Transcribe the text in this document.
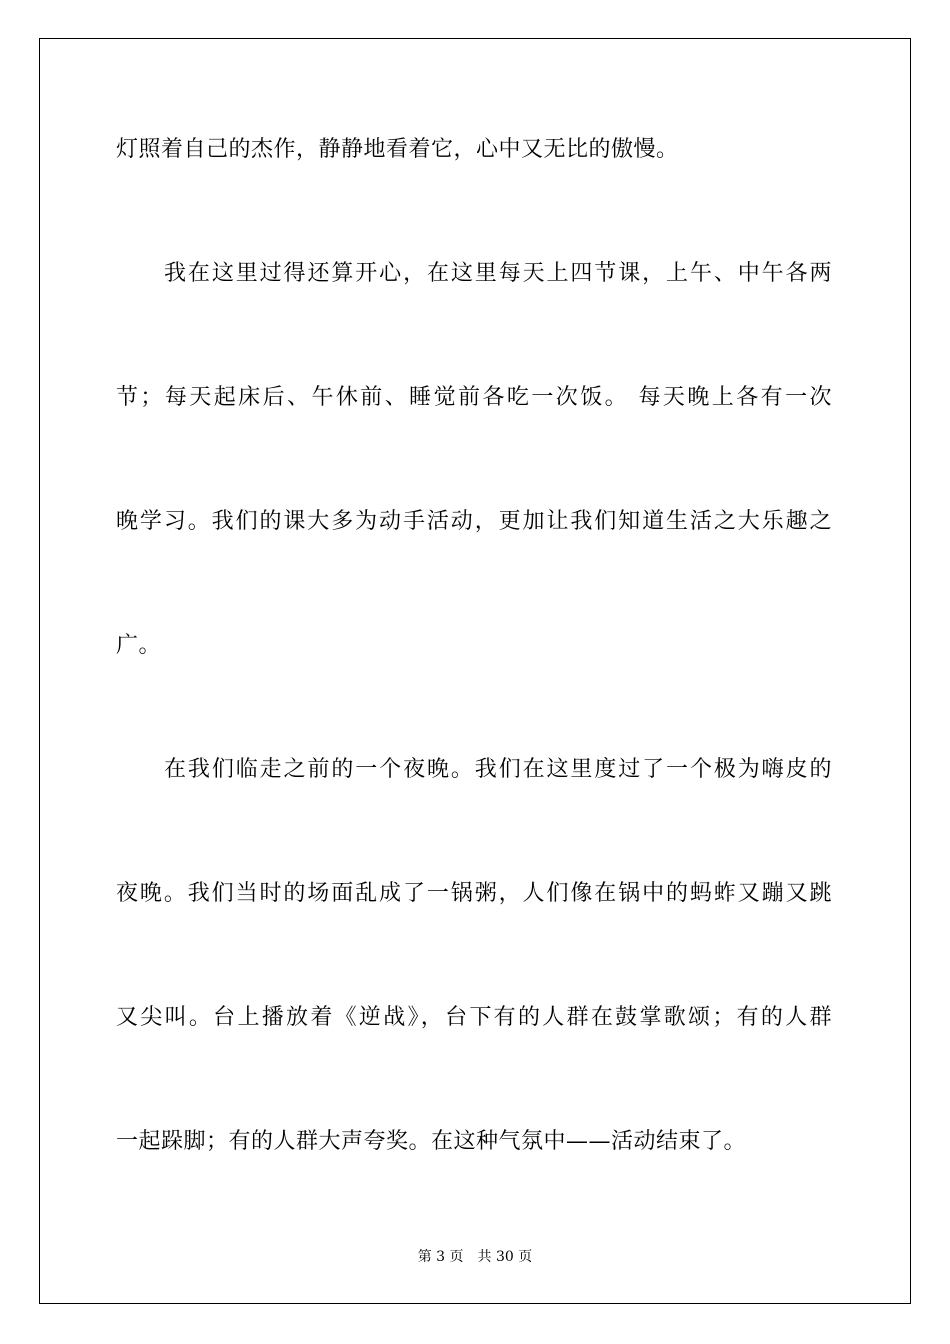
灯照着自己的杰作，静静地看着它，心中又无比的傲慢。
我在这里过得还算开心，在这里每天上四节课，上午、中午各两
节；每天起床后、午休前、睡觉前各吃一次饭。 每天晚上各有一次
晚学习。我们的课大多为动手活动，更加让我们知道生活之大乐趣之
广。
在我们临走之前的一个夜晚。我们在这里度过了一个极为嗨皮的
夜晚。我们当时的场面乱成了一锅粥，人们像在锅中的蚂蚱又蹦又跳
又尖叫。台上播放着《逆战》，台下有的人群在鼓掌歌颂；有的人群
一起跺脚；有的人群大声夸奖。在这种气氛中——活动结束了。
第 3 页 共 30 页
